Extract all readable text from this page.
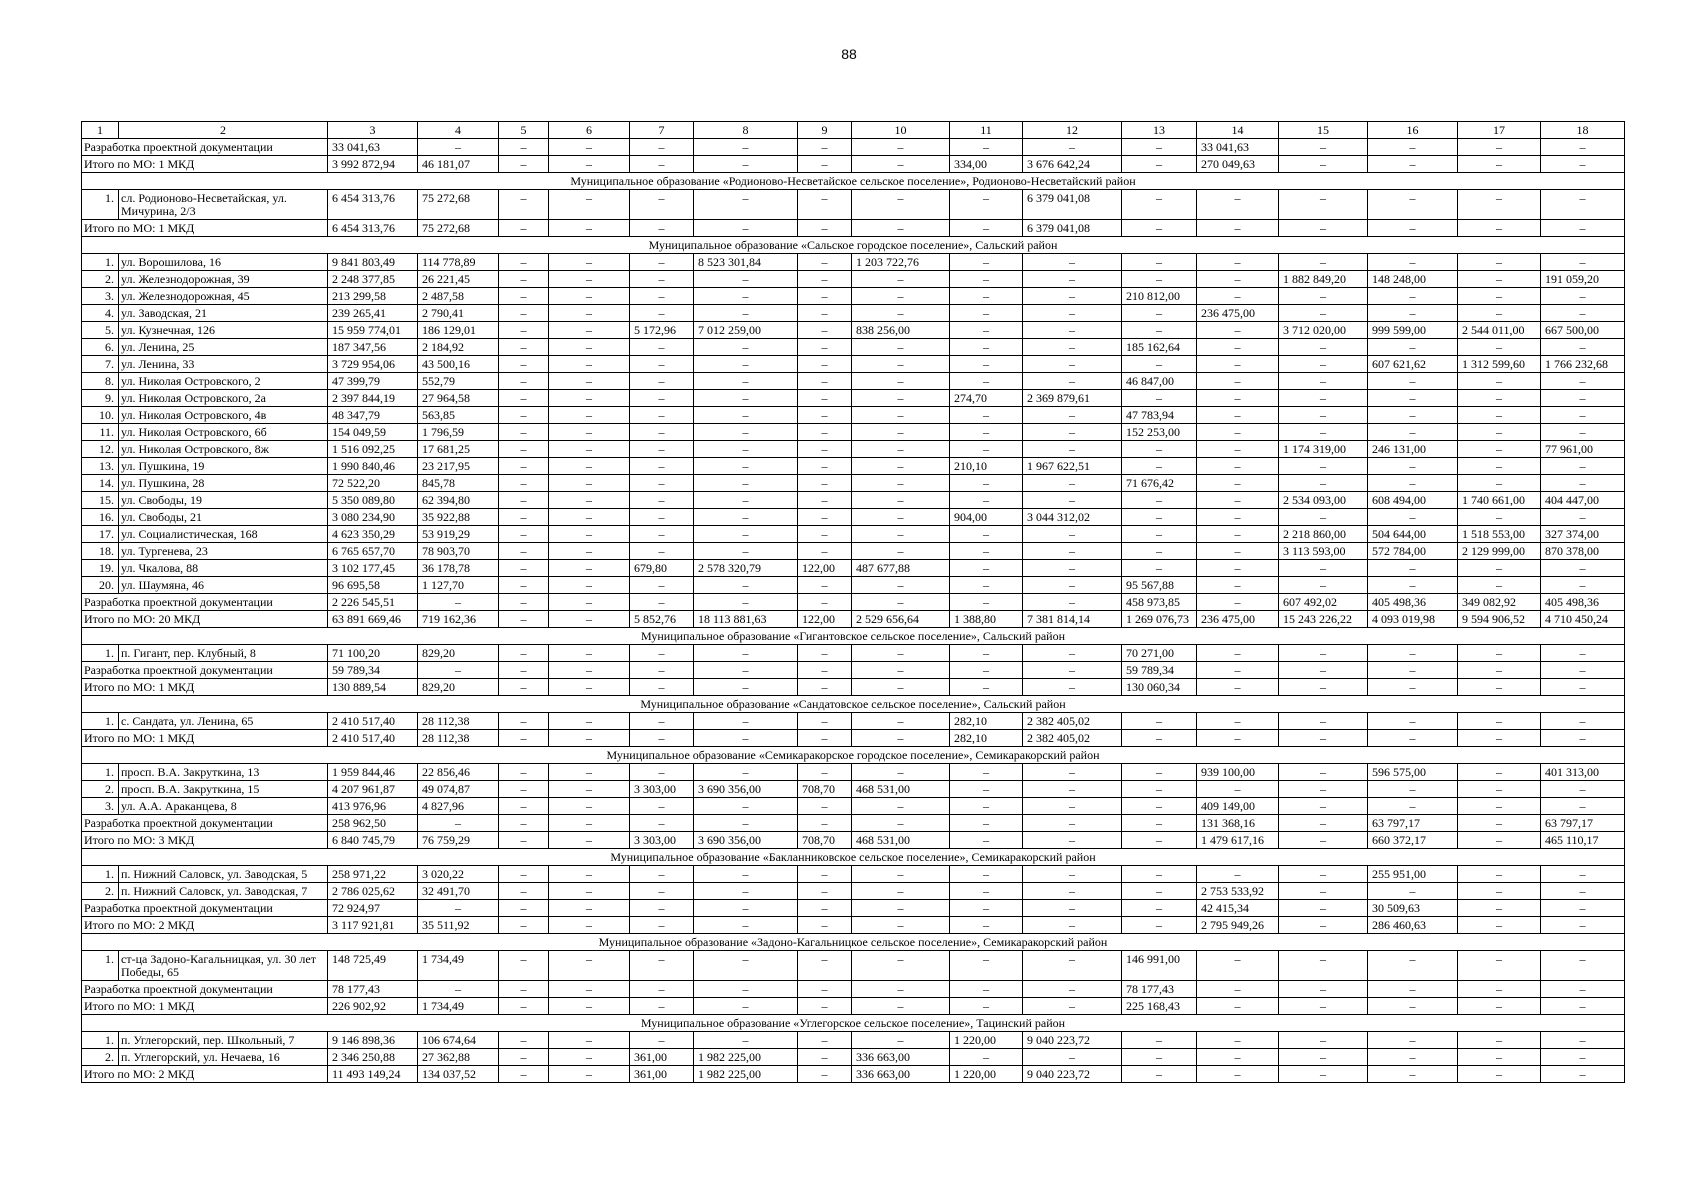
88
1	2	3	4	5	6	7	8	9	10	11	12	13	14	15	16	17	18
Разработка проектной документации		33 041,63	–	–	–	–	–	–	–	–	–	–	33 041,63	–	–	–	–
Итого по МО: 1 МКД		3 992 872,94	46 181,07	–	–	–	–	–	–	334,00	3 676 642,24	–	270 049,63	–	–	–	–
Муниципальное образование «Родионово-Несветайское сельское поселение», Родионово-Несветайский район																	
1.	сл. Родионово-Несветайская, ул. Мичурина, 2/3	6 454 313,76	75 272,68	–	–	–	–	–	–	–	6 379 041,08	–	–	–	–	–	–
Итого по МО: 1 МКД		6 454 313,76	75 272,68	–	–	–	–	–	–	–	6 379 041,08	–	–	–	–	–	–
Муниципальное образование «Сальское городское поселение», Сальский район																	
1.	ул. Ворошилова, 16	9 841 803,49	114 778,89	–	–	–	8 523 301,84	–	1 203 722,76	–	–	–	–	–	–	–	–
2.	ул. Железнодорожная, 39	2 248 377,85	26 221,45	–	–	–	–	–	–	–	–	–	–	1 882 849,20	148 248,00	–	191 059,20
3.	ул. Железнодорожная, 45	213 299,58	2 487,58	–	–	–	–	–	–	–	–	210 812,00	–	–	–	–	–
4.	ул. Заводская, 21	239 265,41	2 790,41	–	–	–	–	–	–	–	–	–	236 475,00	–	–	–	–
5.	ул. Кузнечная, 126	15 959 774,01	186 129,01	–	–	5 172,96	7 012 259,00	–	838 256,00	–	–	–	–	3 712 020,00	999 599,00	2 544 011,00	667 500,00
6.	ул. Ленина, 25	187 347,56	2 184,92	–	–	–	–	–	–	–	–	185 162,64	–	–	–	–	–
7.	ул. Ленина, 33	3 729 954,06	43 500,16	–	–	–	–	–	–	–	–	–	–	–	607 621,62	1 312 599,60	1 766 232,68
8.	ул. Николая Островского, 2	47 399,79	552,79	–	–	–	–	–	–	–	–	46 847,00	–	–	–	–	–
9.	ул. Николая Островского, 2а	2 397 844,19	27 964,58	–	–	–	–	–	–	274,70	2 369 879,61	–	–	–	–	–	–
10.	ул. Николая Островского, 4в	48 347,79	563,85	–	–	–	–	–	–	–	–	47 783,94	–	–	–	–	–
11.	ул. Николая Островского, 6б	154 049,59	1 796,59	–	–	–	–	–	–	–	–	152 253,00	–	–	–	–	–
12.	ул. Николая Островского, 8ж	1 516 092,25	17 681,25	–	–	–	–	–	–	–	–	–	–	1 174 319,00	246 131,00	–	77 961,00
13.	ул. Пушкина, 19	1 990 840,46	23 217,95	–	–	–	–	–	–	210,10	1 967 622,51	–	–	–	–	–	–
14.	ул. Пушкина, 28	72 522,20	845,78	–	–	–	–	–	–	–	–	71 676,42	–	–	–	–	–
15.	ул. Свободы, 19	5 350 089,80	62 394,80	–	–	–	–	–	–	–	–	–	–	2 534 093,00	608 494,00	1 740 661,00	404 447,00
16.	ул. Свободы, 21	3 080 234,90	35 922,88	–	–	–	–	–	–	904,00	3 044 312,02	–	–	–	–	–	–
17.	ул. Социалистическая, 168	4 623 350,29	53 919,29	–	–	–	–	–	–	–	–	–	–	2 218 860,00	504 644,00	1 518 553,00	327 374,00
18.	ул. Тургенева, 23	6 765 657,70	78 903,70	–	–	–	–	–	–	–	–	–	–	3 113 593,00	572 784,00	2 129 999,00	870 378,00
19.	ул. Чкалова, 88	3 102 177,45	36 178,78	–	–	679,80	2 578 320,79	122,00	487 677,88	–	–	–	–	–	–	–	–
20.	ул. Шаумяна, 46	96 695,58	1 127,70	–	–	–	–	–	–	–	–	95 567,88	–	–	–	–	–
Разработка проектной документации		2 226 545,51	–	–	–	–	–	–	–	–	–	458 973,85	–	607 492,02	405 498,36	349 082,92	405 498,36
Итого по МО: 20 МКД		63 891 669,46	719 162,36	–	–	5 852,76	18 113 881,63	122,00	2 529 656,64	1 388,80	7 381 814,14	1 269 076,73	236 475,00	15 243 226,22	4 093 019,98	9 594 906,52	4 710 450,24
Муниципальное образование «Гигантовское сельское поселение», Сальский район																	
1.	п. Гигант, пер. Клубный, 8	71 100,20	829,20	–	–	–	–	–	–	–	–	70 271,00	–	–	–	–	–
Разработка проектной документации		59 789,34	–	–	–	–	–	–	–	–	–	59 789,34	–	–	–	–	–
Итого по МО: 1 МКД		130 889,54	829,20	–	–	–	–	–	–	–	–	130 060,34	–	–	–	–	–
Муниципальное образование «Сандатовское сельское поселение», Сальский район																	
1.	с. Сандата, ул. Ленина, 65	2 410 517,40	28 112,38	–	–	–	–	–	–	282,10	2 382 405,02	–	–	–	–	–	–
Итого по МО: 1 МКД		2 410 517,40	28 112,38	–	–	–	–	–	–	282,10	2 382 405,02	–	–	–	–	–	–
Муниципальное образование «Семикаракорское городское поселение», Семикаракорский район																	
1.	просп. В.А. Закруткина, 13	1 959 844,46	22 856,46	–	–	–	–	–	–	–	–	–	939 100,00	–	596 575,00	–	401 313,00
2.	просп. В.А. Закруткина, 15	4 207 961,87	49 074,87	–	–	3 303,00	3 690 356,00	708,70	468 531,00	–	–	–	–	–	–	–	–
3.	ул. А.А. Араканцева, 8	413 976,96	4 827,96	–	–	–	–	–	–	–	–	–	409 149,00	–	–	–	–
Разработка проектной документации		258 962,50	–	–	–	–	–	–	–	–	–	–	131 368,16	–	63 797,17	–	63 797,17
Итого по МО: 3 МКД		6 840 745,79	76 759,29	–	–	3 303,00	3 690 356,00	708,70	468 531,00	–	–	–	1 479 617,16	–	660 372,17	–	465 110,17
Муниципальное образование «Бакланниковское сельское поселение», Семикаракорский район																	
1.	п. Нижний Саловск, ул. Заводская, 5	258 971,22	3 020,22	–	–	–	–	–	–	–	–	–	–	–	255 951,00	–	–
2.	п. Нижний Саловск, ул. Заводская, 7	2 786 025,62	32 491,70	–	–	–	–	–	–	–	–	–	2 753 533,92	–	–	–	–
Разработка проектной документации		72 924,97	–	–	–	–	–	–	–	–	–	–	42 415,34	–	30 509,63	–	–
Итого по МО: 2 МКД		3 117 921,81	35 511,92	–	–	–	–	–	–	–	–	–	2 795 949,26	–	286 460,63	–	–
Муниципальное образование «Задоно-Кагальницкое сельское поселение», Семикаракорский район																	
1.	ст-ца Задоно-Кагальницкая, ул. 30 лет Победы, 65	148 725,49	1 734,49	–	–	–	–	–	–	–	–	146 991,00	–	–	–	–	–
Разработка проектной документации		78 177,43	–	–	–	–	–	–	–	–	–	78 177,43	–	–	–	–	–
Итого по МО: 1 МКД		226 902,92	1 734,49	–	–	–	–	–	–	–	–	225 168,43	–	–	–	–	–
Муниципальное образование «Углегорское сельское поселение», Тацинский район																	
1.	п. Углегорский, пер. Школьный, 7	9 146 898,36	106 674,64	–	–	–	–	–	–	1 220,00	9 040 223,72	–	–	–	–	–	–
2.	п. Углегорский, ул. Нечаева, 16	2 346 250,88	27 362,88	–	–	361,00	1 982 225,00	–	336 663,00	–	–	–	–	–	–	–	–
Итого по МО: 2 МКД		11 493 149,24	134 037,52	–	–	361,00	1 982 225,00	–	336 663,00	1 220,00	9 040 223,72	–	–	–	–	–	–
